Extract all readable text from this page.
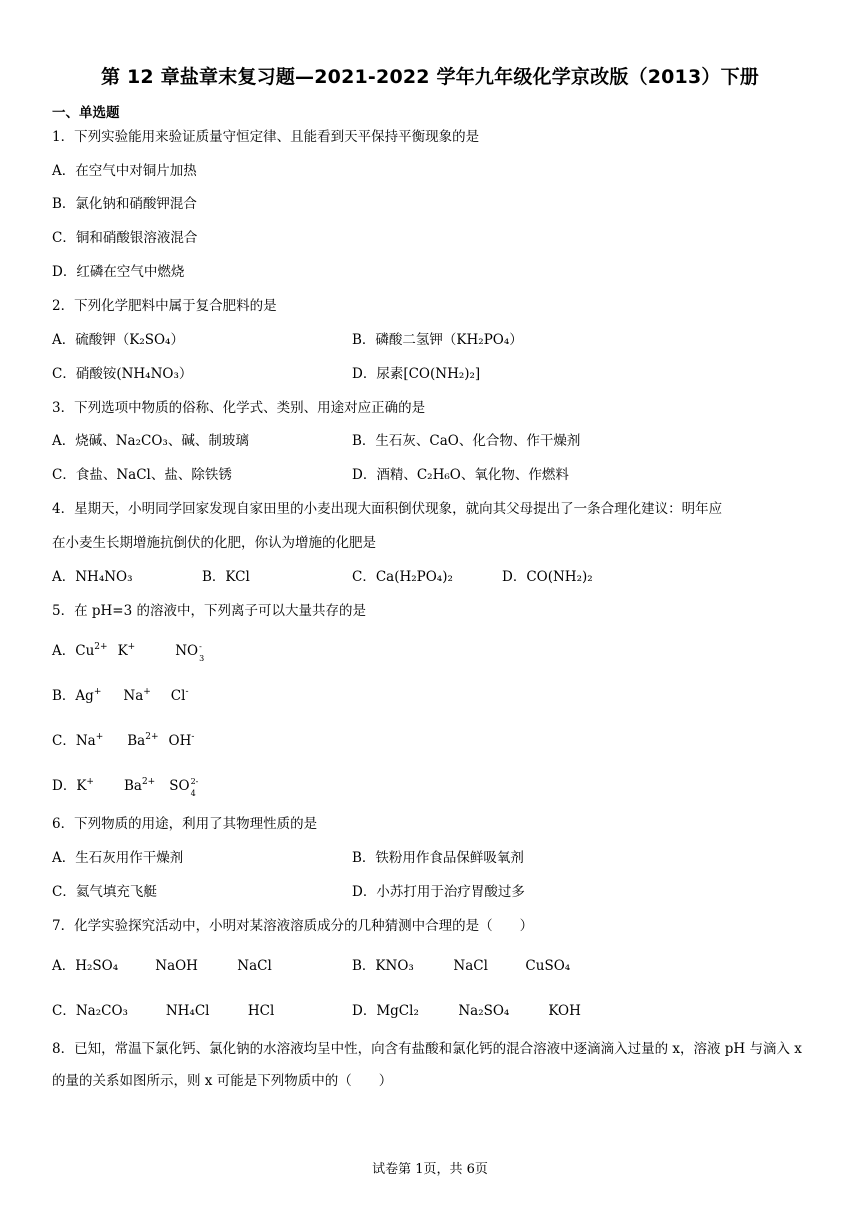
第 12 章盐章末复习题—2021-2022 学年九年级化学京改版（2013）下册
一、单选题
1．下列实验能用来验证质量守恒定律、且能看到天平保持平衡现象的是
A．在空气中对铜片加热
B．氯化钠和硝酸钾混合
C．铜和硝酸银溶液混合
D．红磷在空气中燃烧
2．下列化学肥料中属于复合肥料的是
A．硫酸钾（K₂SO₄）	B．磷酸二氢钾（KH₂PO₄）
C．硝酸铵(NH₄NO₃）	D．尿素[CO(NH₂)₂]
3．下列选项中物质的俗称、化学式、类别、用途对应正确的是
A．烧碱、Na₂CO₃、碱、制玻璃	B．生石灰、CaO、化合物、作干燥剂
C．食盐、NaCl、盐、除铁锈	D．酒精、C₂H₆O、氧化物、作燃料
4．星期天，小明同学回家发现自家田里的小麦出现大面积倒伏现象，就向其父母提出了一条合理化建议：明年应
在小麦生长期增施抗倒伏的化肥，你认为增施的化肥是
A．NH₄NO₃	B．KCl	C．Ca(H₂PO₄)₂	D．CO(NH₂)₂
5．在 pH=3 的溶液中，下列离子可以大量共存的是
A．$Cu^{2+}$ K+	NO -
3
B．Ag+ Na+ Cl-
C．Na+ $Ba^{2+}$ OH-
D．K+ $Ba^{2+}$ SO 2-
4
6．下列物质的用途，利用了其物理性质的是
A．生石灰用作干燥剂	B．铁粉用作食品保鲜吸氧剂
C．氦气填充飞艇	D．小苏打用于治疗胃酸过多
7．化学实验探究活动中，小明对某溶液溶质成分的几种猜测中合理的是（　　）
A．H₂SO₄	NaOH	NaCl	B．KNO₃	NaCl	CuSO₄
C．Na₂CO₃	NH₄Cl	HCl	D．MgCl₂	Na₂SO₄	KOH
8．已知，常温下氯化钙、氯化钠的水溶液均呈中性，向含有盐酸和氯化钙的混合溶液中逐滴滴入过量的 x，溶液 pH 与滴入 x 的量的关系如图所示，则 x 可能是下列物质中的（　　）
试卷第 1页，共 6页
